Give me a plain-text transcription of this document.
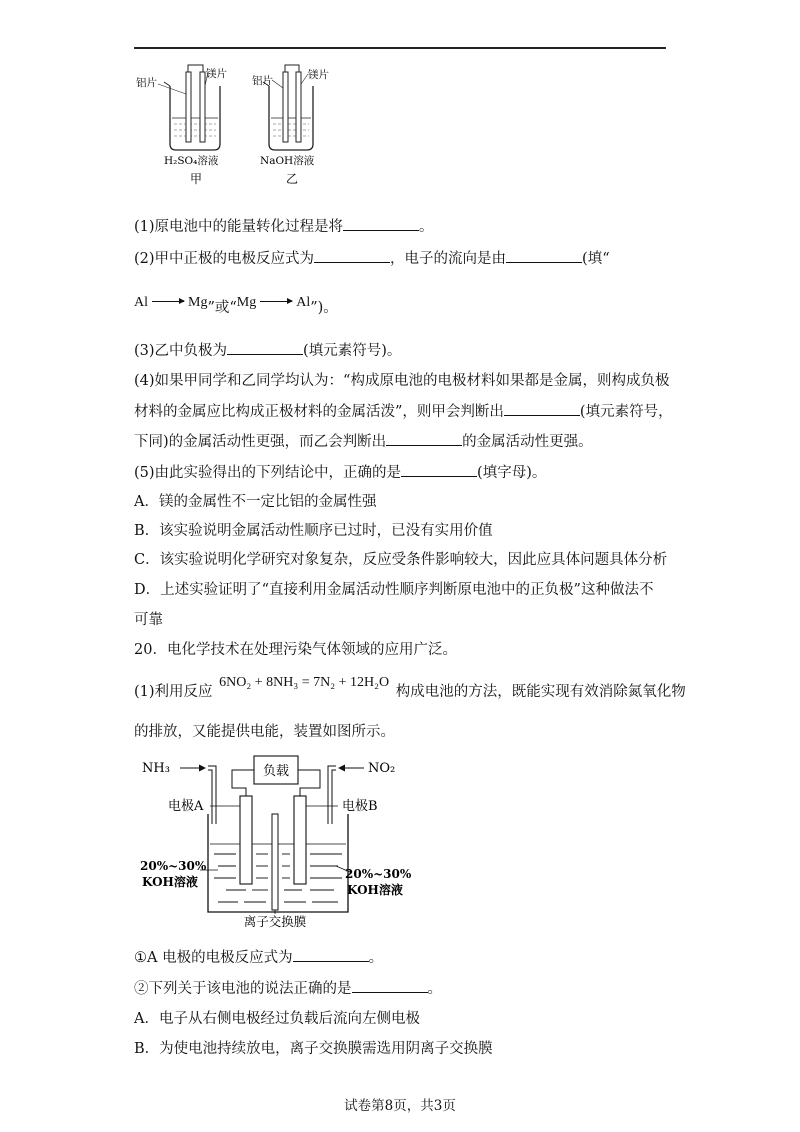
铝片
镁片
H₂SO₄溶液
甲
铝片	镁片
NaOH溶液
乙
(1)原电池中的能量转化过程是将	。
(2)甲中正极的电极反应式为	，电子的流向是由	(填“
Al	Mg”或“Mg	Al”)。
(3)乙中负极为	(填元素符号)。
(4)如果甲同学和乙同学均认为：“构成原电池的电极材料如果都是金属，则构成负极
材料的金属应比构成正极材料的金属活泼”，则甲会判断出	(填元素符号，
下同)的金属活动性更强，而乙会判断出	的金属活动性更强。
(5)由此实验得出的下列结论中，正确的是	(填字母)。
A．镁的金属性不一定比铝的金属性强
B．该实验说明金属活动性顺序已过时，已没有实用价值
C．该实验说明化学研究对象复杂，反应受条件影响较大，因此应具体问题具体分析
D．上述实验证明了“直接利用金属活动性顺序判断原电池中的正负极”这种做法不
可靠
20．电化学技术在处理污染气体领域的应用广泛。
(1)利用反应 6NO₂ + 8NH₃ = 7N₂ + 12H₂O 构成电池的方法，既能实现有效消除氮氧化物
的排放，又能提供电能，装置如图所示。
NH₃	NO₂
负载
电极A	电极B
20%~30%
KOH溶液
20%~30%
KOH溶液
离子交换膜
①A 电极的电极反应式为	。
②下列关于该电池的说法正确的是	。
A．电子从右侧电极经过负载后流向左侧电极
B．为使电池持续放电，离子交换膜需选用阴离子交换膜
试卷第8页，共3页
